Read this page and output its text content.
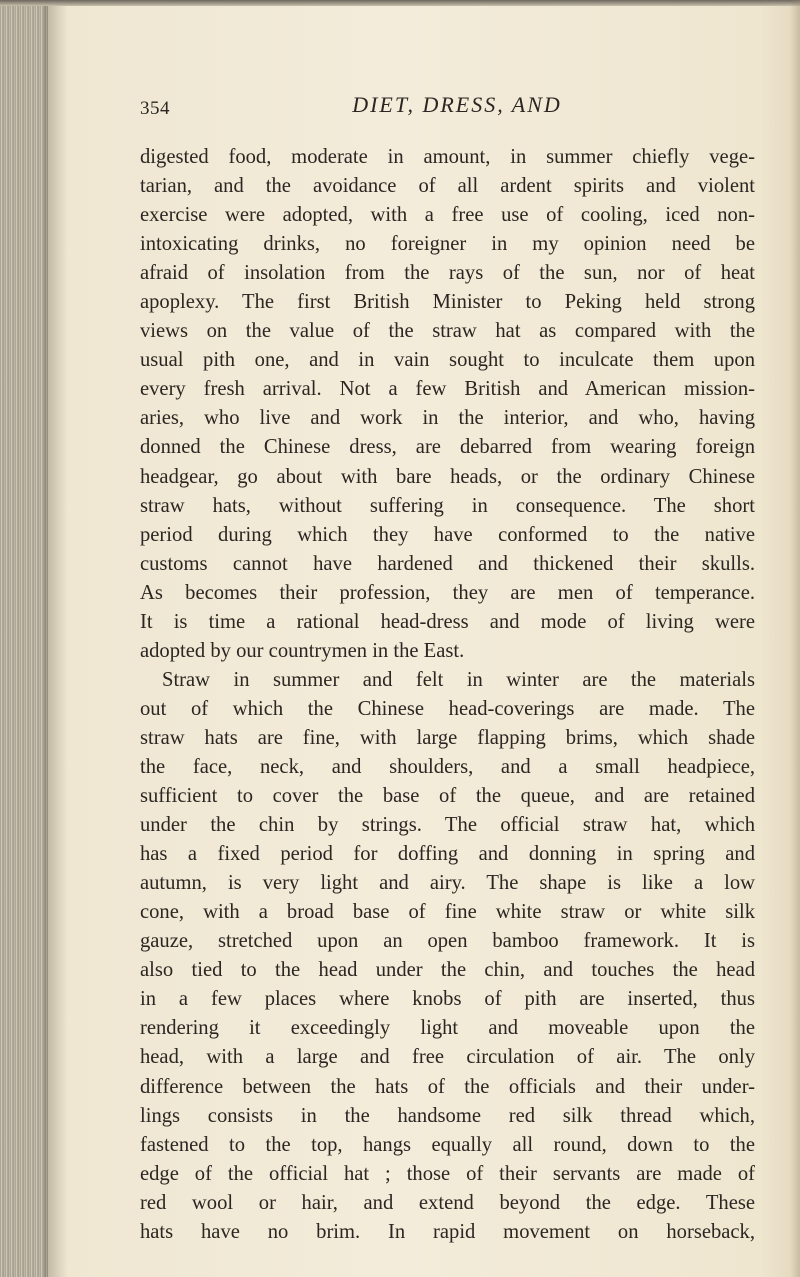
354	DIET, DRESS, AND
digested food, moderate in amount, in summer chiefly vege-
tarian, and the avoidance of all ardent spirits and violent
exercise were adopted, with a free use of cooling, iced non-
intoxicating drinks, no foreigner in my opinion need be
afraid of insolation from the rays of the sun, nor of heat
apoplexy. The first British Minister to Peking held strong
views on the value of the straw hat as compared with the
usual pith one, and in vain sought to inculcate them upon
every fresh arrival. Not a few British and American mission-
aries, who live and work in the interior, and who, having
donned the Chinese dress, are debarred from wearing foreign
headgear, go about with bare heads, or the ordinary Chinese
straw hats, without suffering in consequence. The short
period during which they have conformed to the native
customs cannot have hardened and thickened their skulls.
As becomes their profession, they are men of temperance.
It is time a rational head-dress and mode of living were
adopted by our countrymen in the East.
Straw in summer and felt in winter are the materials
out of which the Chinese head-coverings are made. The
straw hats are fine, with large flapping brims, which shade
the face, neck, and shoulders, and a small headpiece,
sufficient to cover the base of the queue, and are retained
under the chin by strings. The official straw hat, which
has a fixed period for doffing and donning in spring and
autumn, is very light and airy. The shape is like a low
cone, with a broad base of fine white straw or white silk
gauze, stretched upon an open bamboo framework. It is
also tied to the head under the chin, and touches the head
in a few places where knobs of pith are inserted, thus
rendering it exceedingly light and moveable upon the
head, with a large and free circulation of air. The only
difference between the hats of the officials and their under-
lings consists in the handsome red silk thread which,
fastened to the top, hangs equally all round, down to the
edge of the official hat ; those of their servants are made of
red wool or hair, and extend beyond the edge. These
hats have no brim. In rapid movement on horseback,
